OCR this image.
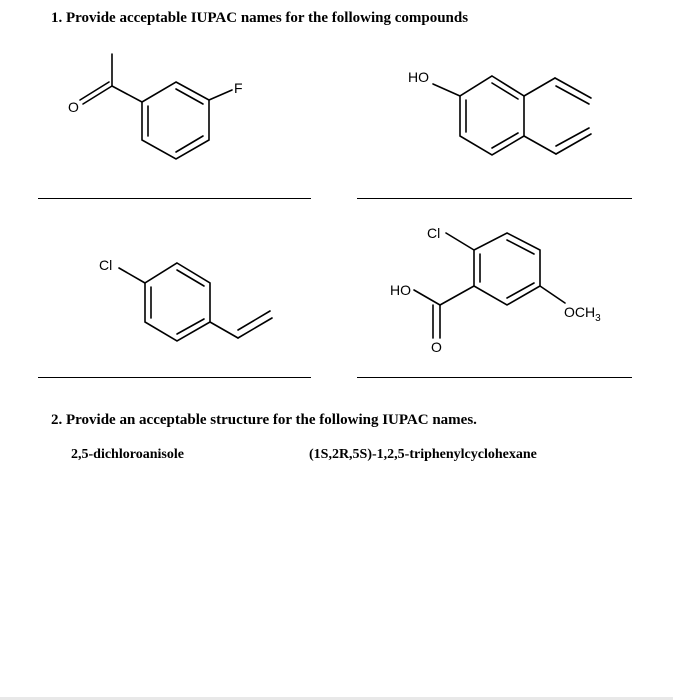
1. Provide acceptable IUPAC names for the following compounds
O
F
HO
Cl
Cl
HO
O
$OCH_3$
2. Provide an acceptable structure for the following IUPAC names.
2,5-dichloroanisole	(1S,2R,5S)-1,2,5-triphenylcyclohexane
